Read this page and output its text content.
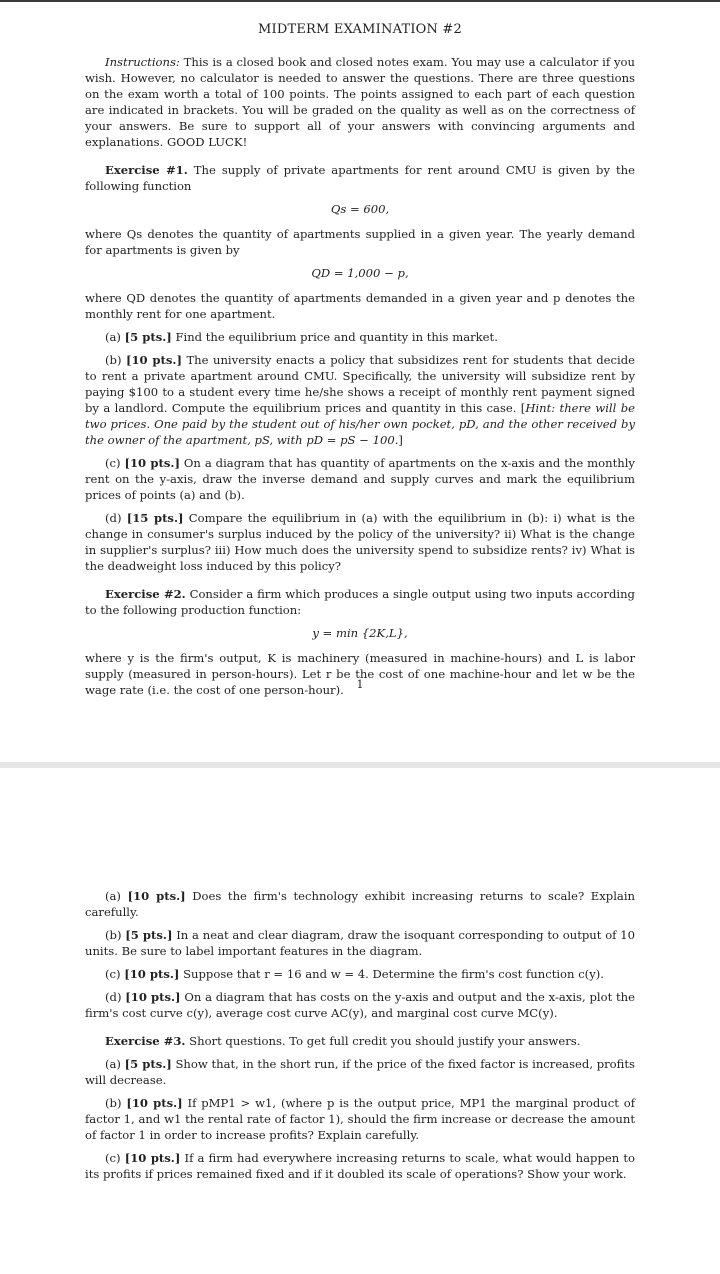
MIDTERM EXAMINATION #2

Instructions: This is a closed book and closed notes exam. You may use a calculator if you wish. However, no calculator is needed to answer the questions. There are three questions on the exam worth a total of 100 points. The points assigned to each part of each question are indicated in brackets. You will be graded on the quality as well as on the correctness of your answers. Be sure to support all of your answers with convincing arguments and explanations. GOOD LUCK!

Exercise #1. The supply of private apartments for rent around CMU is given by the following function

Qs = 600,

where Qs denotes the quantity of apartments supplied in a given year. The yearly demand for apartments is given by

QD = 1,000 − p,

where QD denotes the quantity of apartments demanded in a given year and p denotes the monthly rent for one apartment.

(a) [5 pts.] Find the equilibrium price and quantity in this market.

(b) [10 pts.] The university enacts a policy that subsidizes rent for students that decide to rent a private apartment around CMU. Specifically, the university will subsidize rent by paying $100 to a student every time he/she shows a receipt of monthly rent payment signed by a landlord. Compute the equilibrium prices and quantity in this case. [Hint: there will be two prices. One paid by the student out of his/her own pocket, pD, and the other received by the owner of the apartment, pS, with pD = pS − 100.]

(c) [10 pts.] On a diagram that has quantity of apartments on the x-axis and the monthly rent on the y-axis, draw the inverse demand and supply curves and mark the equilibrium prices of points (a) and (b).

(d) [15 pts.] Compare the equilibrium in (a) with the equilibrium in (b): i) what is the change in consumer's surplus induced by the policy of the university? ii) What is the change in supplier's surplus? iii) How much does the university spend to subsidize rents? iv) What is the deadweight loss induced by this policy?

Exercise #2. Consider a firm which produces a single output using two inputs according to the following production function:

y = min {2K,L},

where y is the firm's output, K is machinery (measured in machine-hours) and L is labor supply (measured in person-hours). Let r be the cost of one machine-hour and let w be the wage rate (i.e. the cost of one person-hour).	1

(a) [10 pts.] Does the firm's technology exhibit increasing returns to scale? Explain carefully.

(b) [5 pts.] In a neat and clear diagram, draw the isoquant corresponding to output of 10 units. Be sure to label important features in the diagram.

(c) [10 pts.] Suppose that r = 16 and w = 4. Determine the firm's cost function c(y).

(d) [10 pts.] On a diagram that has costs on the y-axis and output and the x-axis, plot the firm's cost curve c(y), average cost curve AC(y), and marginal cost curve MC(y).

Exercise #3. Short questions. To get full credit you should justify your answers.

(a) [5 pts.] Show that, in the short run, if the price of the fixed factor is increased, profits will decrease.

(b) [10 pts.] If pMP1 > w1, (where p is the output price, MP1 the marginal product of factor 1, and w1 the rental rate of factor 1), should the firm increase or decrease the amount of factor 1 in order to increase profits? Explain carefully.

(c) [10 pts.] If a firm had everywhere increasing returns to scale, what would happen to its profits if prices remained fixed and if it doubled its scale of operations? Show your work.
